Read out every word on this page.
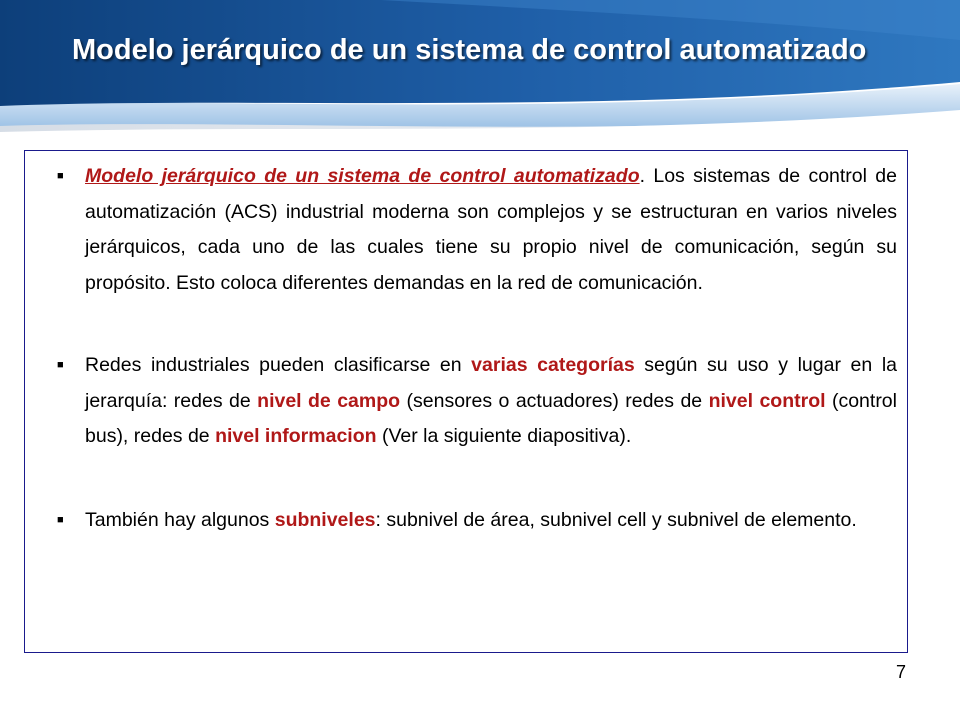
Modelo jerárquico de un sistema de control automatizado
■ Modelo jerárquico de un sistema de control automatizado. Los sistemas de control de automatización (ACS) industrial moderna son complejos y se estructuran en varios niveles jerárquicos, cada uno de las cuales tiene su propio nivel de comunicación, según su propósito. Esto coloca diferentes demandas en la red de comunicación.
■ Redes industriales pueden clasificarse en varias categorías según su uso y lugar en la jerarquía: redes de nivel de campo (sensores o actuadores) redes de nivel control (control bus), redes de nivel informacion (Ver la siguiente diapositiva).
■ También hay algunos subniveles: subnivel de área, subnivel cell y subnivel de elemento.
7
